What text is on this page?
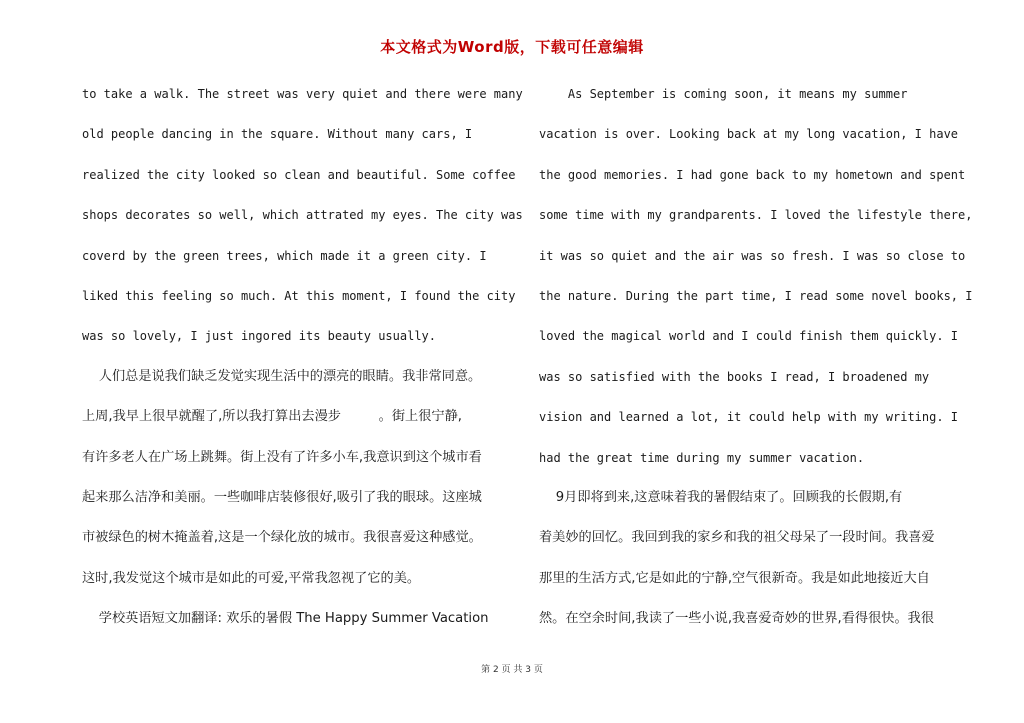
本文格式为Word版，下载可任意编辑
to take a walk. The street was very quiet and there were many
old people dancing in the square. Without many cars, I
realized the city looked so clean and beautiful. Some coffee
shops decorates so well, which attrated my eyes. The city was
coverd by the green trees, which made it a green city. I
liked this feeling so much. At this moment, I found the city
was so lovely, I just ingored its beauty usually.
人们总是说我们缺乏发觉实现生活中的漂亮的眼睛。我非常同意。
上周,我早上很早就醒了,所以我打算出去漫步         。街上很宁静,
有许多老人在广场上跳舞。街上没有了许多小车,我意识到这个城市看
起来那么洁净和美丽。一些咖啡店装修很好,吸引了我的眼球。这座城
市被绿色的树木掩盖着,这是一个绿化放的城市。我很喜爱这种感觉。
这时,我发觉这个城市是如此的可爱,平常我忽视了它的美。
学校英语短文加翻译: 欢乐的暑假 The Happy Summer Vacation
As September is coming soon, it means my summer
vacation is over. Looking back at my long vacation, I have
the good memories. I had gone back to my hometown and spent
some time with my grandparents. I loved the lifestyle there,
it was so quiet and the air was so fresh. I was so close to
the nature. During the part time, I read some novel books, I
loved the magical world and I could finish them quickly. I
was so satisfied with the books I read, I broadened my
vision and learned a lot, it could help with my writing. I
had the great time during my summer vacation.
9月即将到来,这意味着我的暑假结束了。回顾我的长假期,有
着美妙的回忆。我回到我的家乡和我的祖父母呆了一段时间。我喜爱
那里的生活方式,它是如此的宁静,空气很新奇。我是如此地接近大自
然。在空余时间,我读了一些小说,我喜爱奇妙的世界,看得很快。我很
第 2 页 共 3 页
